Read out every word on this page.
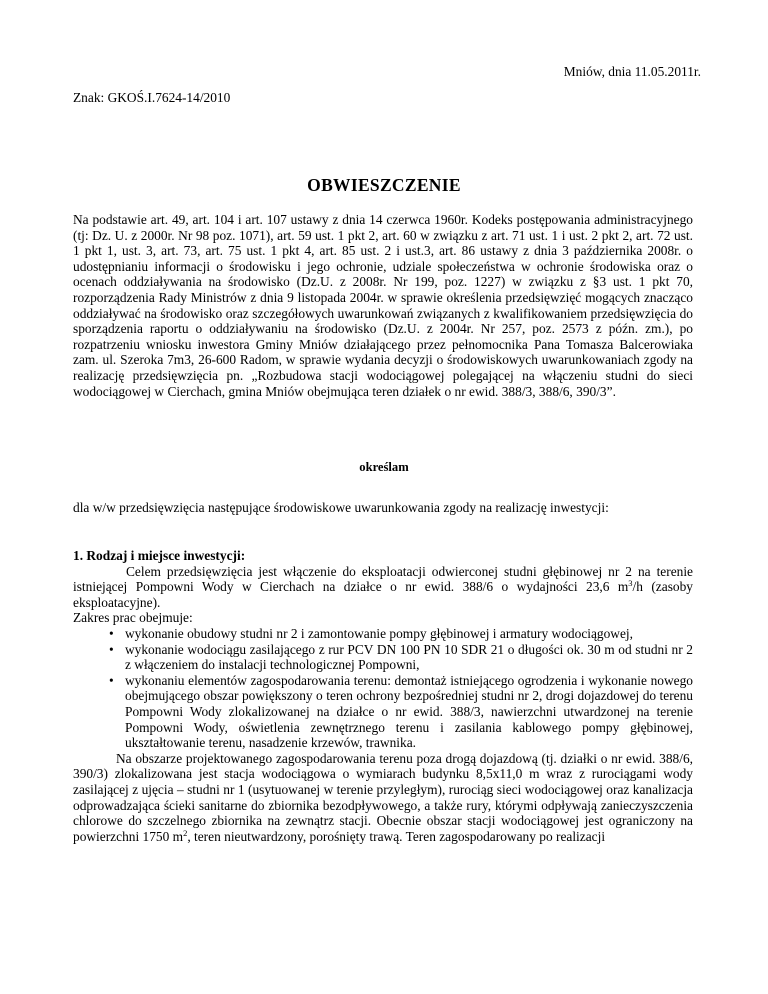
Mniów, dnia 11.05.2011r.
Znak: GKOŚ.I.7624-14/2010
OBWIESZCZENIE

Na podstawie art. 49, art. 104 i art. 107 ustawy z dnia 14 czerwca 1960r. Kodeks postępowania administracyjnego (tj: Dz. U. z 2000r. Nr 98 poz. 1071), art. 59 ust. 1 pkt 2, art. 60 w związku z art. 71 ust. 1 i ust. 2 pkt 2, art. 72 ust. 1 pkt 1, ust. 3, art. 73, art. 75 ust. 1 pkt 4, art. 85 ust. 2 i ust.3, art. 86 ustawy z dnia 3 października 2008r. o udostępnianiu informacji o środowisku i jego ochronie, udziale społeczeństwa w ochronie środowiska oraz o ocenach oddziaływania na środowisko (Dz.U. z 2008r. Nr 199, poz. 1227) w związku z §3 ust. 1 pkt 70, rozporządzenia Rady Ministrów z dnia 9 listopada 2004r. w sprawie określenia przedsięwzięć mogących znacząco oddziaływać na środowisko oraz szczegółowych uwarunkowań związanych z kwalifikowaniem przedsięwzięcia do sporządzenia raportu o oddziaływaniu na środowisko (Dz.U. z 2004r. Nr 257, poz. 2573 z późn. zm.), po rozpatrzeniu wniosku inwestora Gminy Mniów działającego przez pełnomocnika Pana Tomasza Balcerowiaka zam. ul. Szeroka 7m3, 26-600 Radom, w sprawie wydania decyzji o środowiskowych uwarunkowaniach zgody na realizację przedsięwzięcia pn. „Rozbudowa stacji wodociągowej polegającej na włączeniu studni do sieci wodociągowej w Cierchach, gmina Mniów obejmująca teren działek o nr ewid. 388/3, 388/6, 390/3”.

określam
dla w/w przedsięwzięcia następujące środowiskowe uwarunkowania zgody na realizację inwestycji:

1. Rodzaj i miejsce inwestycji:

Celem przedsięwzięcia jest włączenie do eksploatacji odwierconej studni głębinowej nr 2 na terenie istniejącej Pompowni Wody w Cierchach na działce o nr ewid. 388/6 o wydajności 23,6 $m^3/h$ (zasoby eksploatacyjne).

Zakres prac obejmuje:

• wykonanie obudowy studni nr 2 i zamontowanie pompy głębinowej i armatury wodociągowej,
• wykonanie wodociągu zasilającego z rur PCV DN 100 PN 10 SDR 21 o długości ok. 30 m od studni nr 2 z włączeniem do instalacji technologicznej Pompowni,
• wykonaniu elementów zagospodarowania terenu: demontaż istniejącego ogrodzenia i wykonanie nowego obejmującego obszar powiększony o teren ochrony bezpośredniej studni nr 2, drogi dojazdowej do terenu Pompowni Wody zlokalizowanej na działce o nr ewid. 388/3, nawierzchni utwardzonej na terenie Pompowni Wody, oświetlenia zewnętrznego terenu i zasilania kablowego pompy głębinowej, ukształtowanie terenu, nasadzenie krzewów, trawnika.

Na obszarze projektowanego zagospodarowania terenu poza drogą dojazdową (tj. działki o nr ewid. 388/6, 390/3) zlokalizowana jest stacja wodociągowa o wymiarach budynku 8,5x11,0 m wraz z rurociągami wody zasilającej z ujęcia – studni nr 1 (usytuowanej w terenie przyległym), rurociąg sieci wodociągowej oraz kanalizacja odprowadzająca ścieki sanitarne do zbiornika bezodpływowego, a także rury, którymi odpływają zanieczyszczenia chlorowe do szczelnego zbiornika na zewnątrz stacji. Obecnie obszar stacji wodociągowej jest ograniczony na powierzchni 1750 $m^2$, teren nieutwardzony, porośnięty trawą. Teren zagospodarowany po realizacji
